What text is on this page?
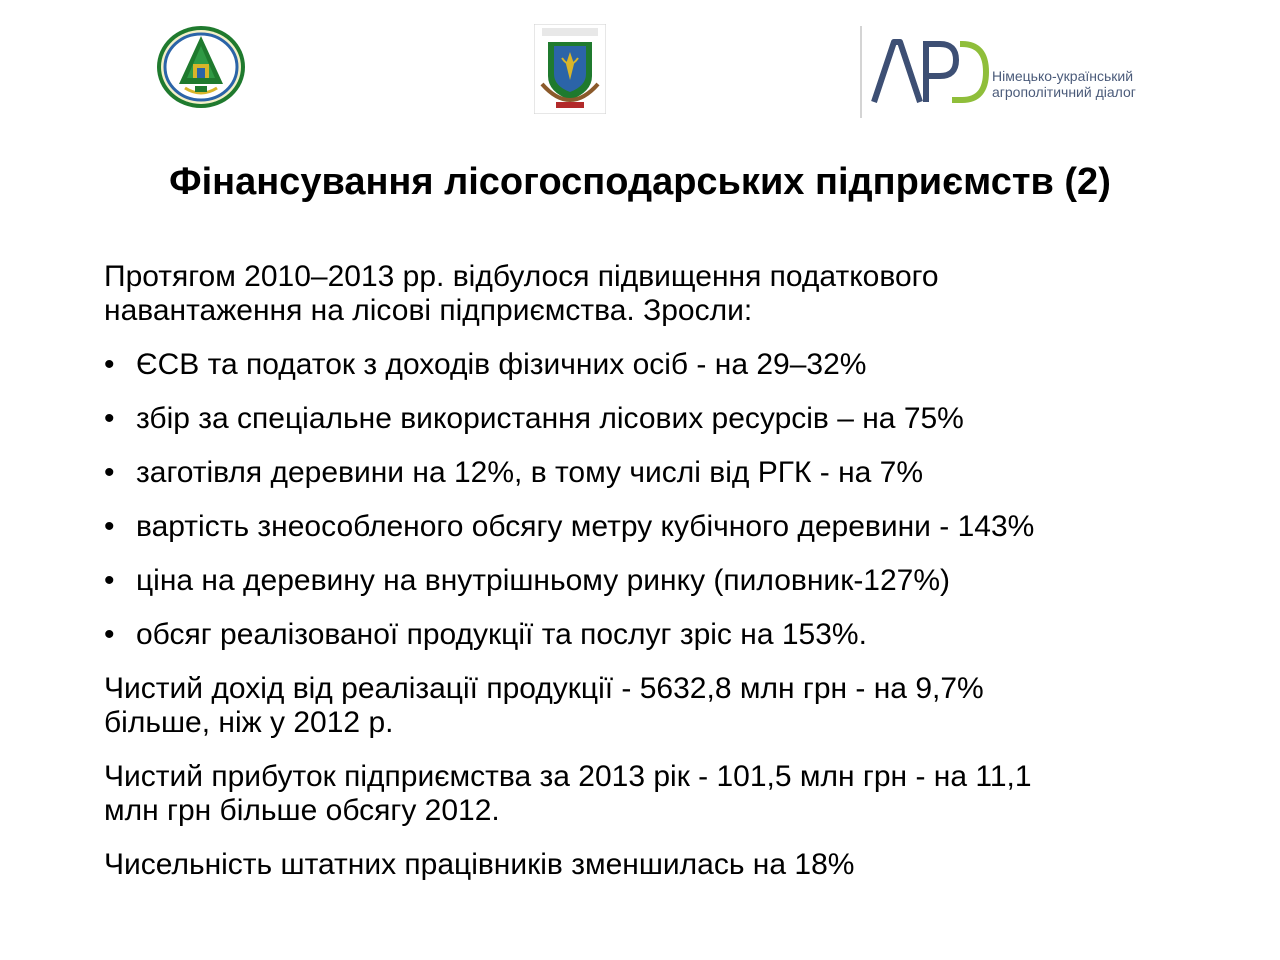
Німецько-український
агрополітичний діалог
Фінансування лісогосподарських підприємств (2)
Протягом 2010–2013 рр. відбулося підвищення податкового
навантаження на лісові підприємства. Зросли:
• ЄСВ та податок з доходів фізичних осіб - на 29–32%
• збір за спеціальне використання лісових ресурсів – на 75%
• заготівля деревини на 12%, в тому числі від РГК - на 7%
• вартість знеособленого обсягу метру кубічного деревини - 143%
• ціна на деревину на внутрішньому ринку (пиловник-127%)
• обсяг реалізованої продукції та послуг зріс на 153%.
Чистий дохід від реалізації продукції - 5632,8 млн грн - на 9,7%
більше, ніж у 2012 р.
Чистий прибуток підприємства за 2013 рік - 101,5 млн грн - на 11,1
млн грн більше обсягу 2012.
Чисельність штатних працівників зменшилась на 18%
